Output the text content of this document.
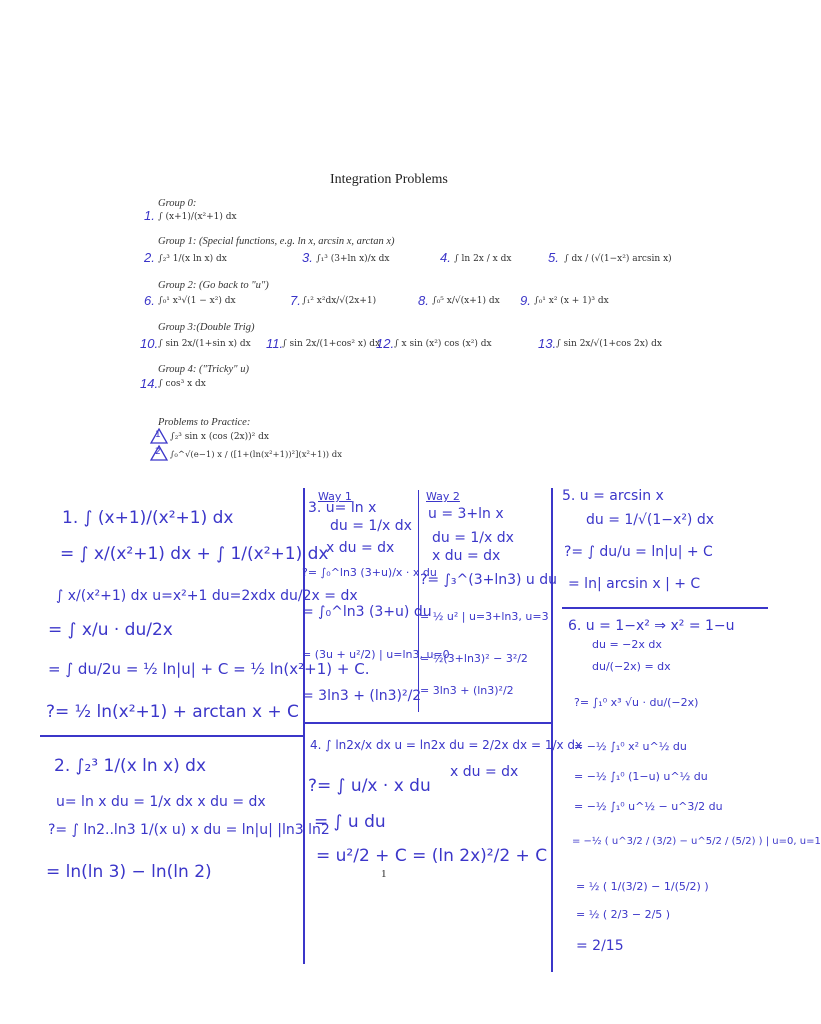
Integration Problems
Group 0:
1. ∫ (x+1)/(x²+1) dx
Group 1: (Special functions, e.g. ln x, arcsin x, arctan x)
2. ∫₂³ 1/(x ln x) dx	3. ∫₁³ (3+ln x)/x dx	4. ∫ ln 2x / x dx	5. ∫ dx / (√(1−x²) arcsin x)
Group 2: (Go back to "u")
6. ∫₀¹ x³√(1 − x²) dx	7. ∫₁² x²dx/√(2x+1)	8. ∫₀⁵ x/√(x+1) dx 9. ∫₀¹ x² (x + 1)³ dx
Group 3:(Double Trig)
10. ∫ sin 2x/(1+sin x) dx 11.
∫ sin 2x/(1+cos² x) dx
12. ∫ x sin (x²) cos (x²) dx	13. ∫ sin 2x/√(1+cos 2x) dx
Group 4: ("Tricky" u)
14. ∫ cos³ x dx
Problems to Practice:
1 ∫₂³ sin x (cos (2x))² dx
2 ∫₀^√(e−1) x / ([1+(ln(x²+1))²](x²+1)) dx
1. ∫ (x+1)/(x²+1) dx
= ∫ x/(x²+1) dx + ∫ 1/(x²+1) dx
∫ x/(x²+1) dx u=x²+1 du=2xdx du/2x = dx
= ∫ x/u · du/2x
= ∫ du/2u = ½ ln|u| + C = ½ ln(x²+1) + C.
?= ½ ln(x²+1) + arctan x + C
2. ∫₂³ 1/(x ln x) dx
u= ln x du = 1/x dx x du = dx
?= ∫ ln2..ln3 1/(x u) x du = ln|u| |ln3 ln2
= ln(ln 3) − ln(ln 2)
Way 1
3. u= ln x
du = 1/x dx
x du = dx
?= ∫₀^ln3 (3+u)/x · x du
= ∫₀^ln3 (3+u) du
= (3u + u²/2) | u=ln3, u=0
= 3ln3 + (ln3)²/2
Way 2
u = 3+ln x
du = 1/x dx
x du = dx
?= ∫₃^(3+ln3) u du
= ½ u² | u=3+ln3, u=3
= ½(3+ln3)² − 3²/2
= 3ln3 + (ln3)²/2
4. ∫ ln2x/x dx u = ln2x du = 2/2x dx = 1/x dx
x du = dx
?= ∫ u/x · x du
= ∫ u du
= u²/2 + C = (ln 2x)²/2 + C
5. u = arcsin x
du = 1/√(1−x²) dx
?= ∫ du/u = ln|u| + C
= ln| arcsin x | + C
6. u = 1−x² ⇒ x² = 1−u
du = −2x dx
du/(−2x) = dx
?= ∫₁⁰ x³ √u · du/(−2x)
= −½ ∫₁⁰ x² u^½ du
= −½ ∫₁⁰ (1−u) u^½ du
= −½ ∫₁⁰ u^½ − u^3/2 du
= −½ ( u^3/2 / (3/2) − u^5/2 / (5/2) ) | u=0, u=1
= ½ ( 1/(3/2) − 1/(5/2) )
= ½ ( 2/3 − 2/5 )
= 2/15
1
